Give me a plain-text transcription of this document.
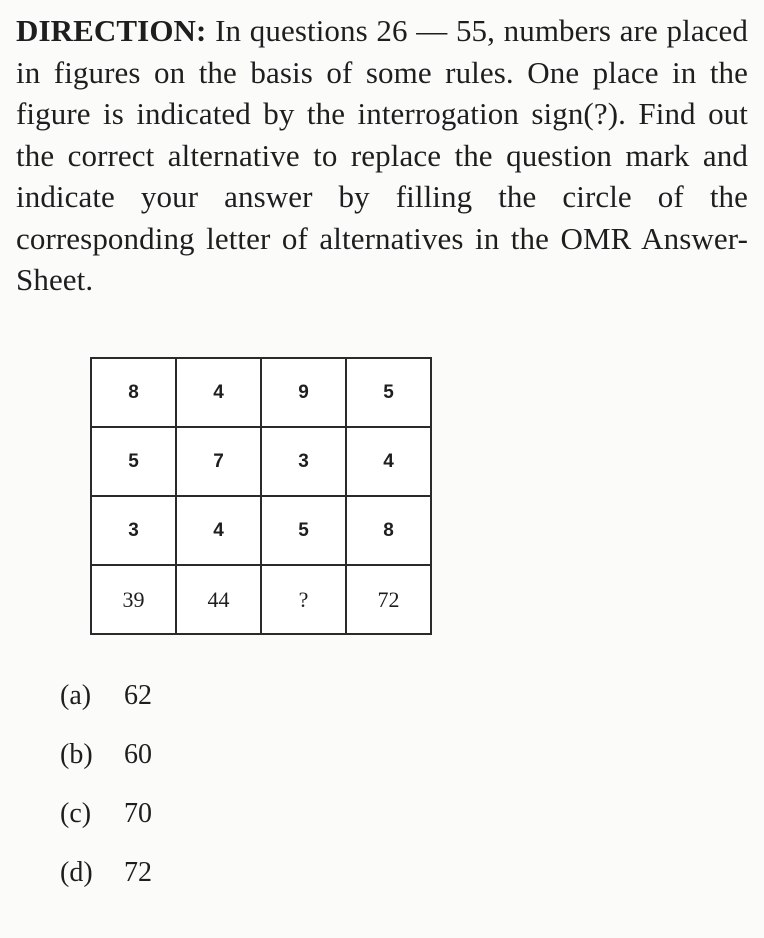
DIRECTION: In questions 26 — 55, numbers are placed in figures on the basis of some rules. One place in the figure is indicated by the interrogation sign(?). Find out the correct alternative to replace the question mark and indicate your answer by filling the circle of the corresponding letter of alternatives in the OMR Answer-Sheet.

8	4	9	5
5	7	3	4
3	4	5	8
39	44	?	72
(a) 62
(b) 60
(c) 70
(d) 72
